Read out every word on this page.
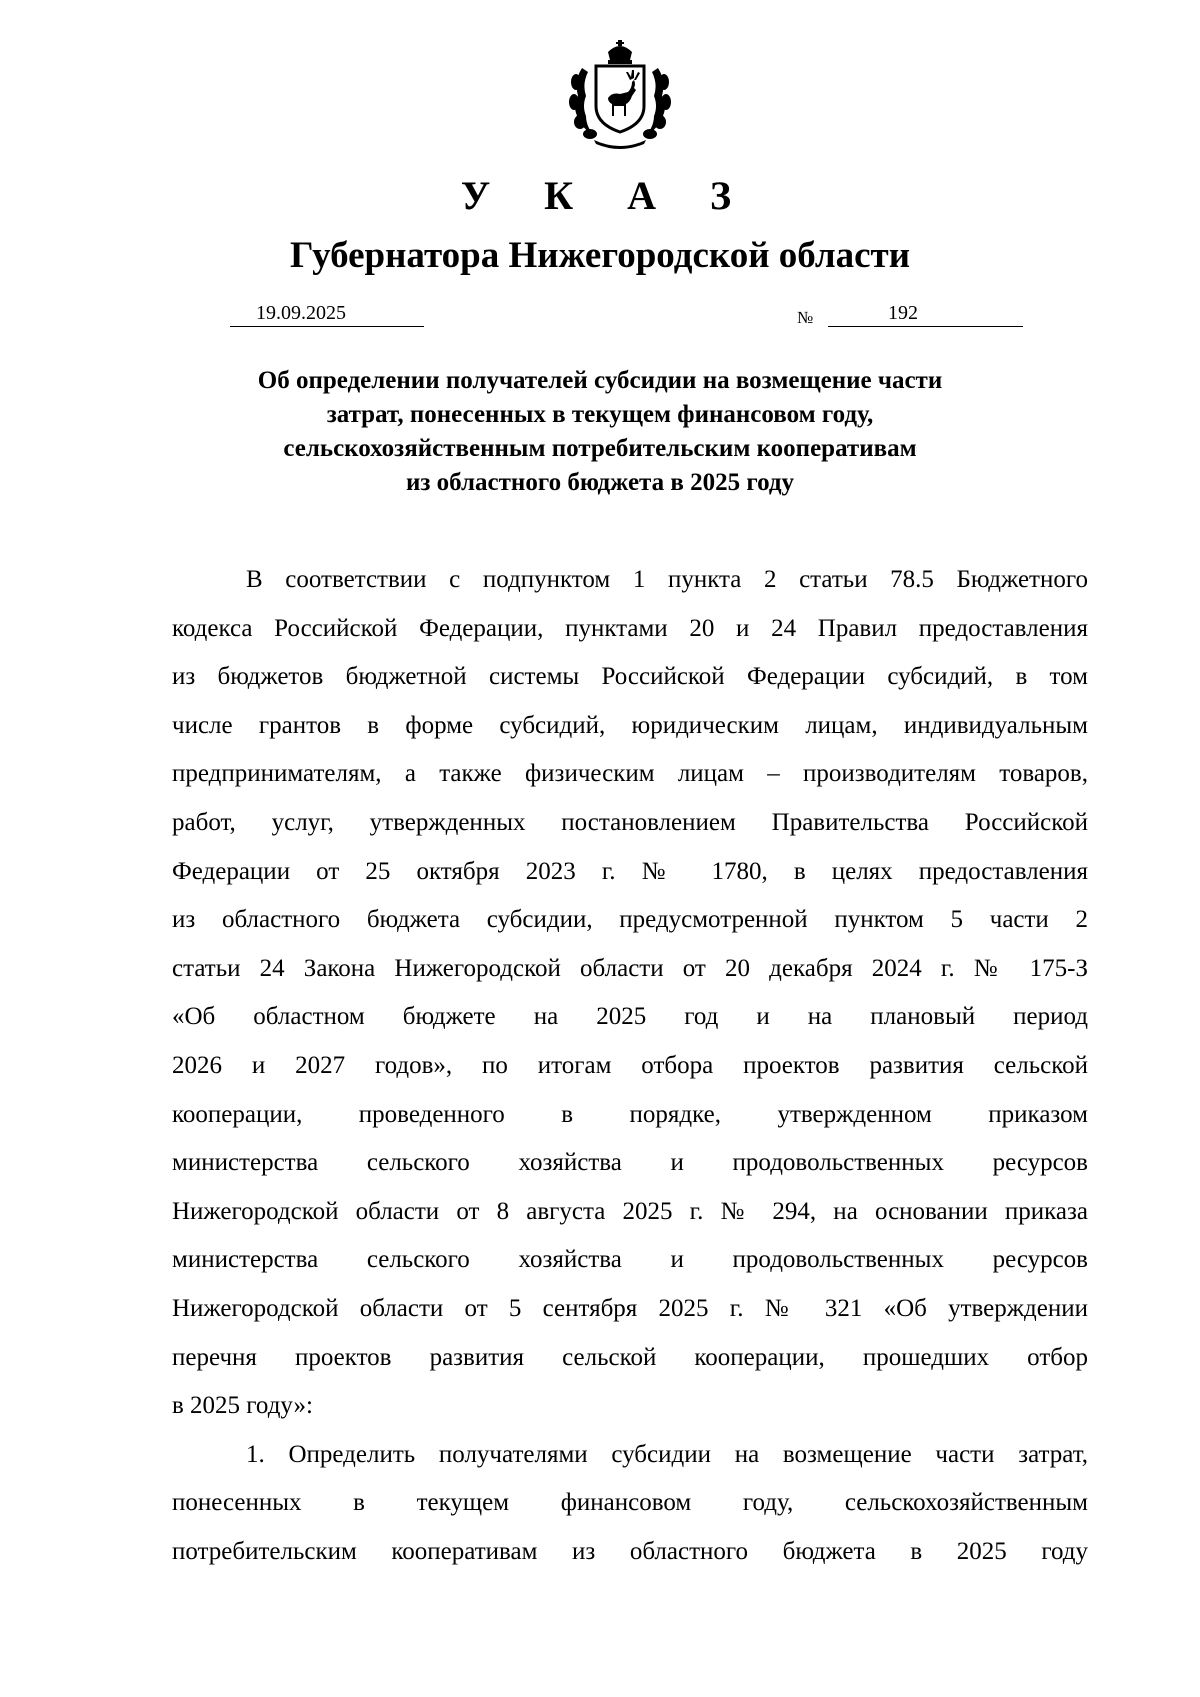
У К А З
Губернатора Нижегородской области
19.09.2025	№	192
Об определении получателей субсидии на возмещение части
затрат, понесенных в текущем финансовом году,
сельскохозяйственным потребительским кооперативам
из областного бюджета в 2025 году
В соответствии с подпунктом 1 пункта 2 статьи 78.5 Бюджетного
кодекса Российской Федерации, пунктами 20 и 24 Правил предоставления
из бюджетов бюджетной системы Российской Федерации субсидий, в том
числе грантов в форме субсидий, юридическим лицам, индивидуальным
предпринимателям, а также физическим лицам – производителям товаров,
работ, услуг, утвержденных постановлением Правительства Российской
Федерации от 25 октября 2023 г. № 1780, в целях предоставления
из областного бюджета субсидии, предусмотренной пунктом 5 части 2
статьи 24 Закона Нижегородской области от 20 декабря 2024 г. № 175-З
«Об областном бюджете на 2025 год и на плановый период
2026 и 2027 годов», по итогам отбора проектов развития сельской
кооперации, проведенного в порядке, утвержденном приказом
министерства сельского хозяйства и продовольственных ресурсов
Нижегородской области от 8 августа 2025 г. № 294, на основании приказа
министерства сельского хозяйства и продовольственных ресурсов
Нижегородской области от 5 сентября 2025 г. № 321 «Об утверждении
перечня проектов развития сельской кооперации, прошедших отбор
в 2025 году»:
1. Определить получателями субсидии на возмещение части затрат,
понесенных в текущем финансовом году, сельскохозяйственным
потребительским кооперативам из областного бюджета в 2025 году
